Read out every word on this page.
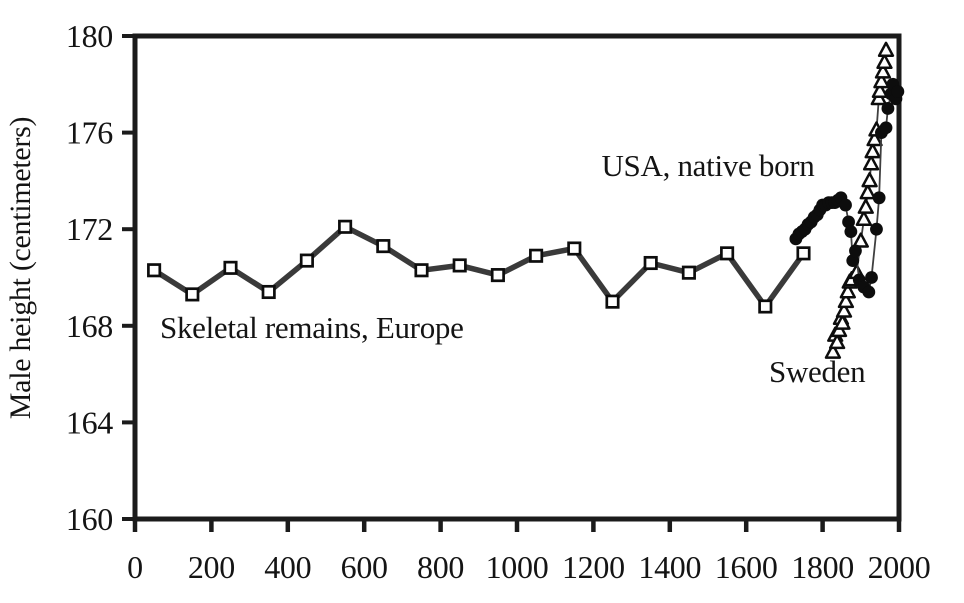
160
164
168
172
176
180
0 200 400 600 800 1000 1200 1400 1600 1800 2000
USA, native born
Skeletal remains, Europe
Sweden
Male height (centimeters)
